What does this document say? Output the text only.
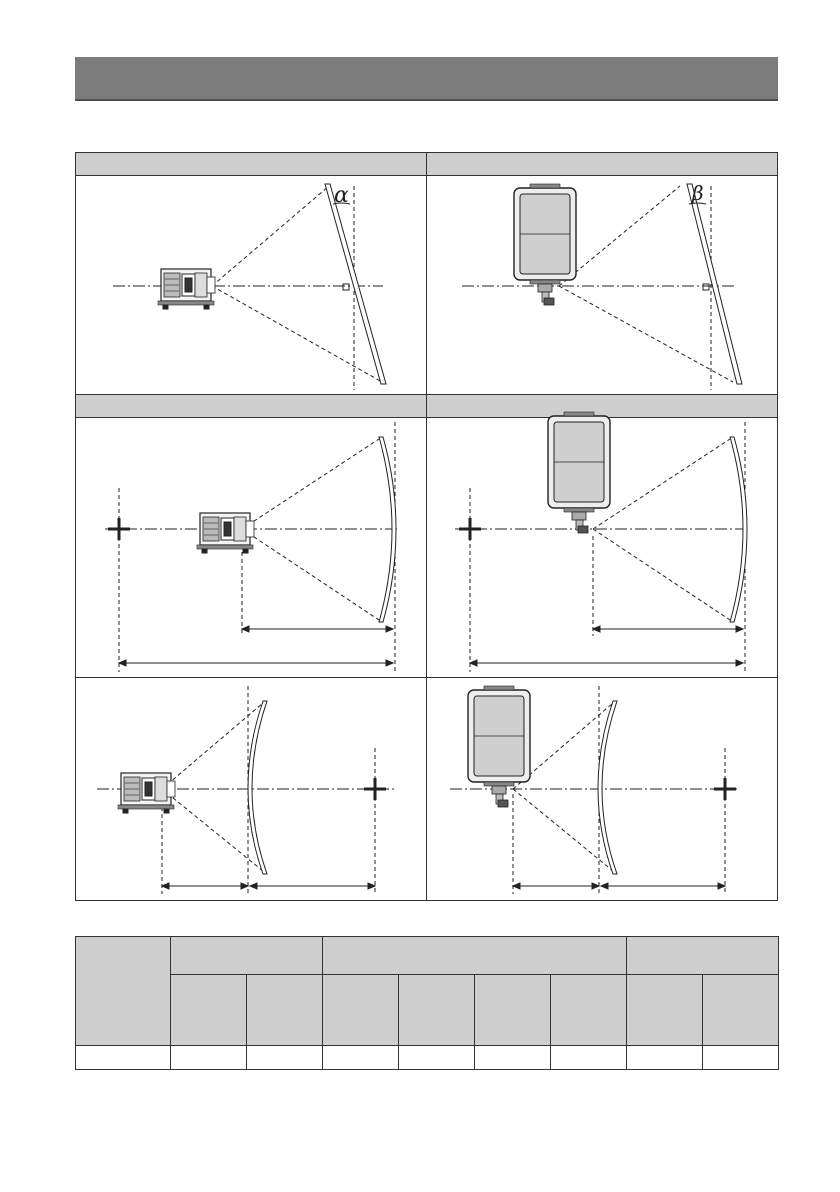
α	β
